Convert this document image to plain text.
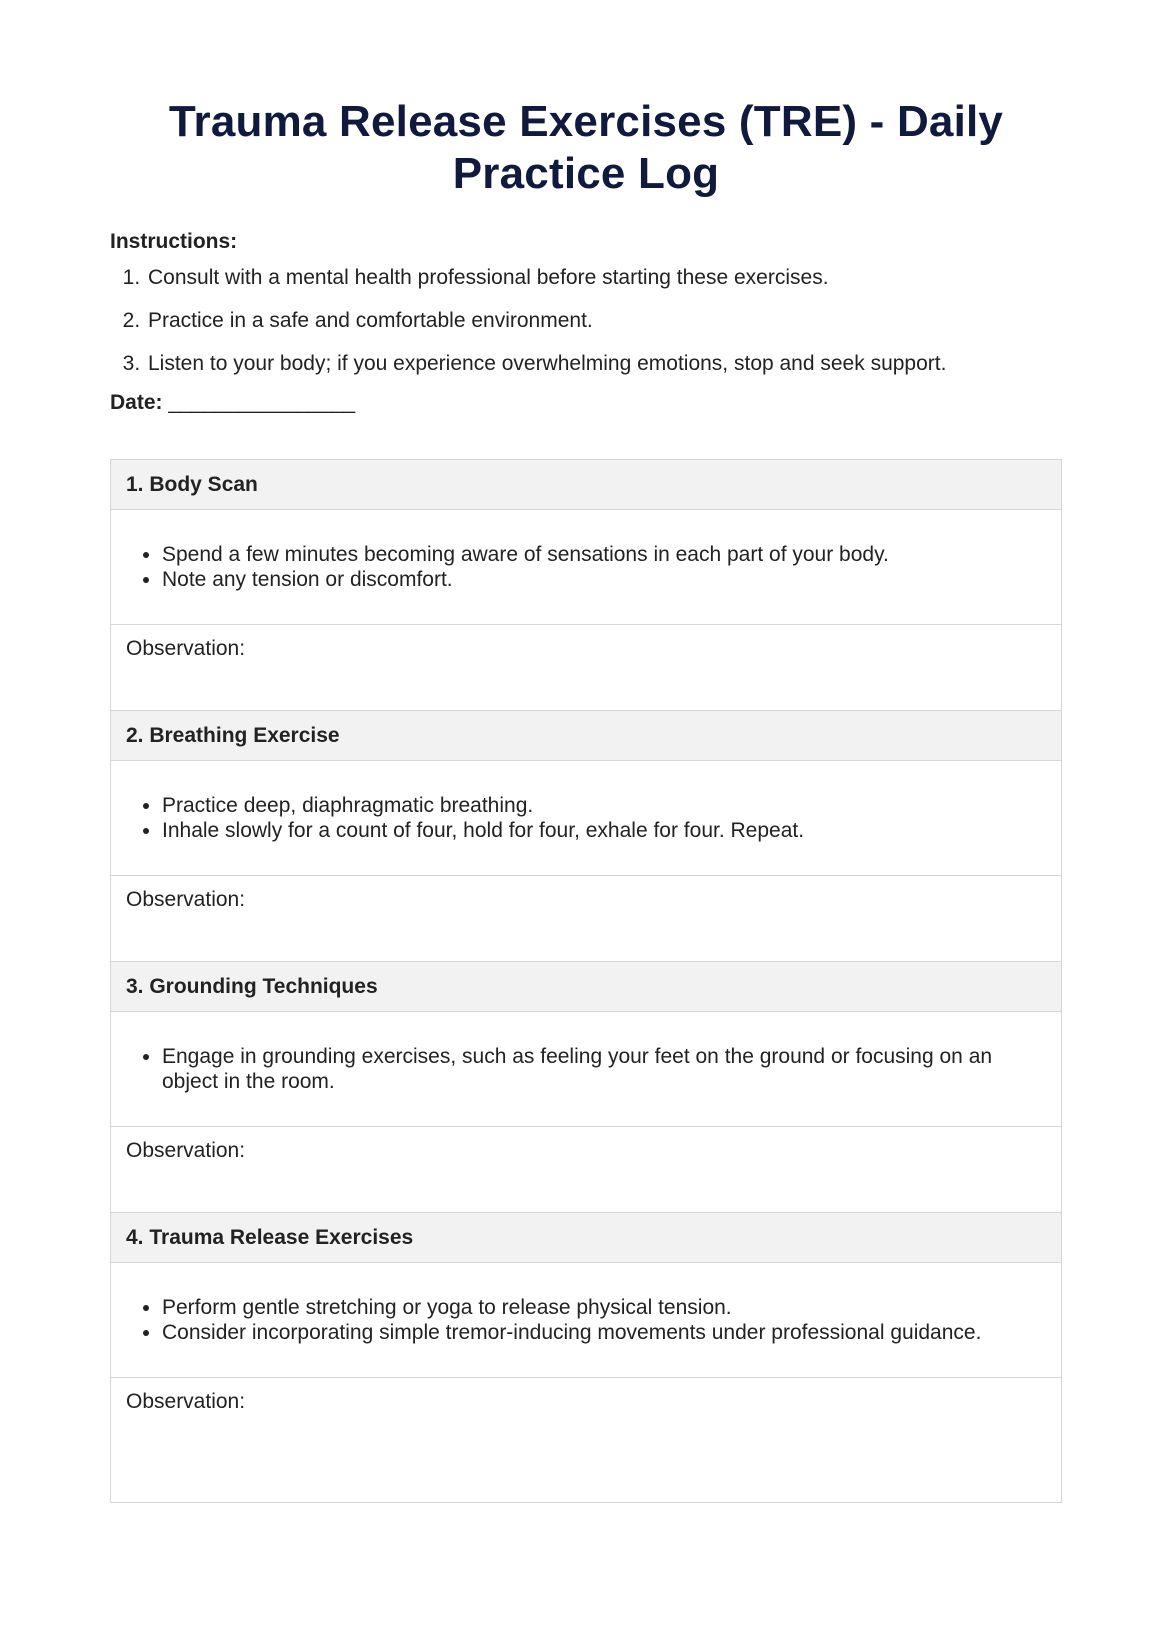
Trauma Release Exercises (TRE) - Daily Practice Log
Instructions:
1. Consult with a mental health professional before starting these exercises.
2. Practice in a safe and comfortable environment.
3. Listen to your body; if you experience overwhelming emotions, stop and seek support.
Date: ________________
1. Body Scan
• Spend a few minutes becoming aware of sensations in each part of your body.
• Note any tension or discomfort.
Observation:
2. Breathing Exercise
• Practice deep, diaphragmatic breathing.
• Inhale slowly for a count of four, hold for four, exhale for four. Repeat.
Observation:
3. Grounding Techniques
• Engage in grounding exercises, such as feeling your feet on the ground or focusing on an object in the room.
Observation:
4. Trauma Release Exercises
• Perform gentle stretching or yoga to release physical tension.
• Consider incorporating simple tremor-inducing movements under professional guidance.
Observation:
